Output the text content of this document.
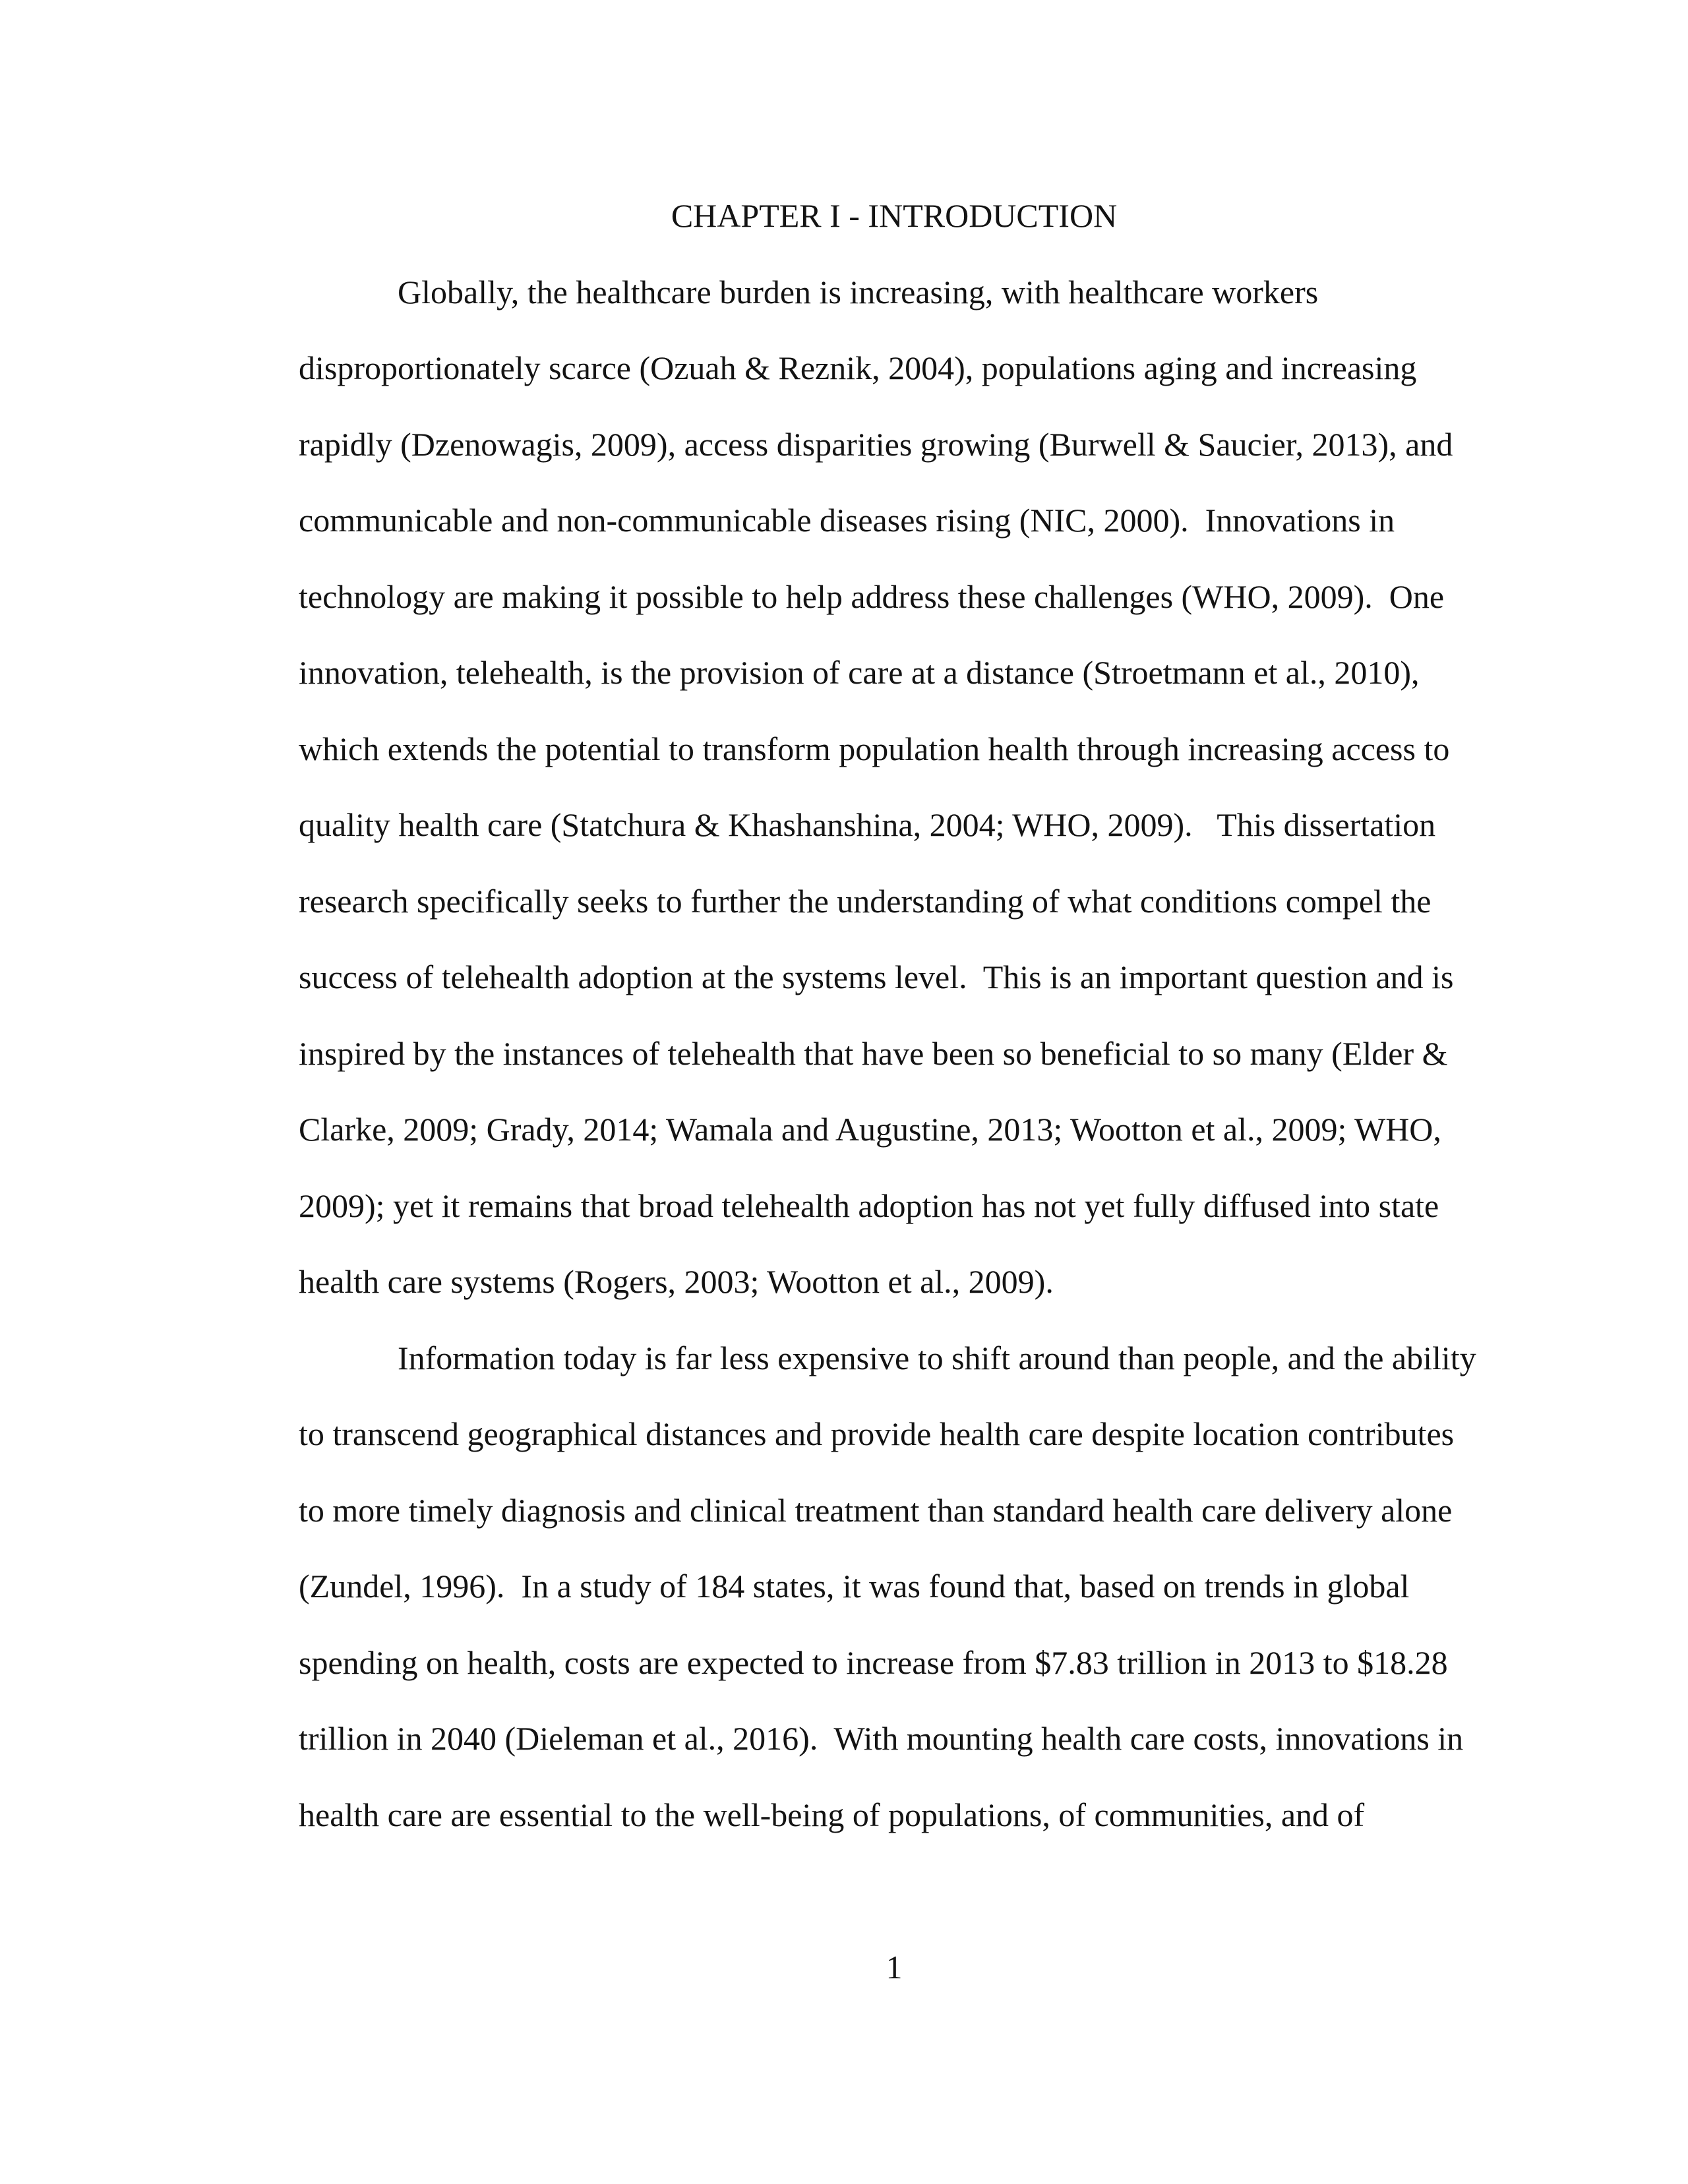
CHAPTER I - INTRODUCTION
Globally, the healthcare burden is increasing, with healthcare workers
disproportionately scarce (Ozuah & Reznik, 2004), populations aging and increasing
rapidly (Dzenowagis, 2009), access disparities growing (Burwell & Saucier, 2013), and
communicable and non-communicable diseases rising (NIC, 2000).  Innovations in
technology are making it possible to help address these challenges (WHO, 2009).  One
innovation, telehealth, is the provision of care at a distance (Stroetmann et al., 2010),
which extends the potential to transform population health through increasing access to
quality health care (Statchura & Khashanshina, 2004; WHO, 2009).   This dissertation
research specifically seeks to further the understanding of what conditions compel the
success of telehealth adoption at the systems level.  This is an important question and is
inspired by the instances of telehealth that have been so beneficial to so many (Elder &
Clarke, 2009; Grady, 2014; Wamala and Augustine, 2013; Wootton et al., 2009; WHO,
2009); yet it remains that broad telehealth adoption has not yet fully diffused into state
health care systems (Rogers, 2003; Wootton et al., 2009).
Information today is far less expensive to shift around than people, and the ability
to transcend geographical distances and provide health care despite location contributes
to more timely diagnosis and clinical treatment than standard health care delivery alone
(Zundel, 1996).  In a study of 184 states, it was found that, based on trends in global
spending on health, costs are expected to increase from $7.83 trillion in 2013 to $18.28
trillion in 2040 (Dieleman et al., 2016).  With mounting health care costs, innovations in
health care are essential to the well-being of populations, of communities, and of

1
